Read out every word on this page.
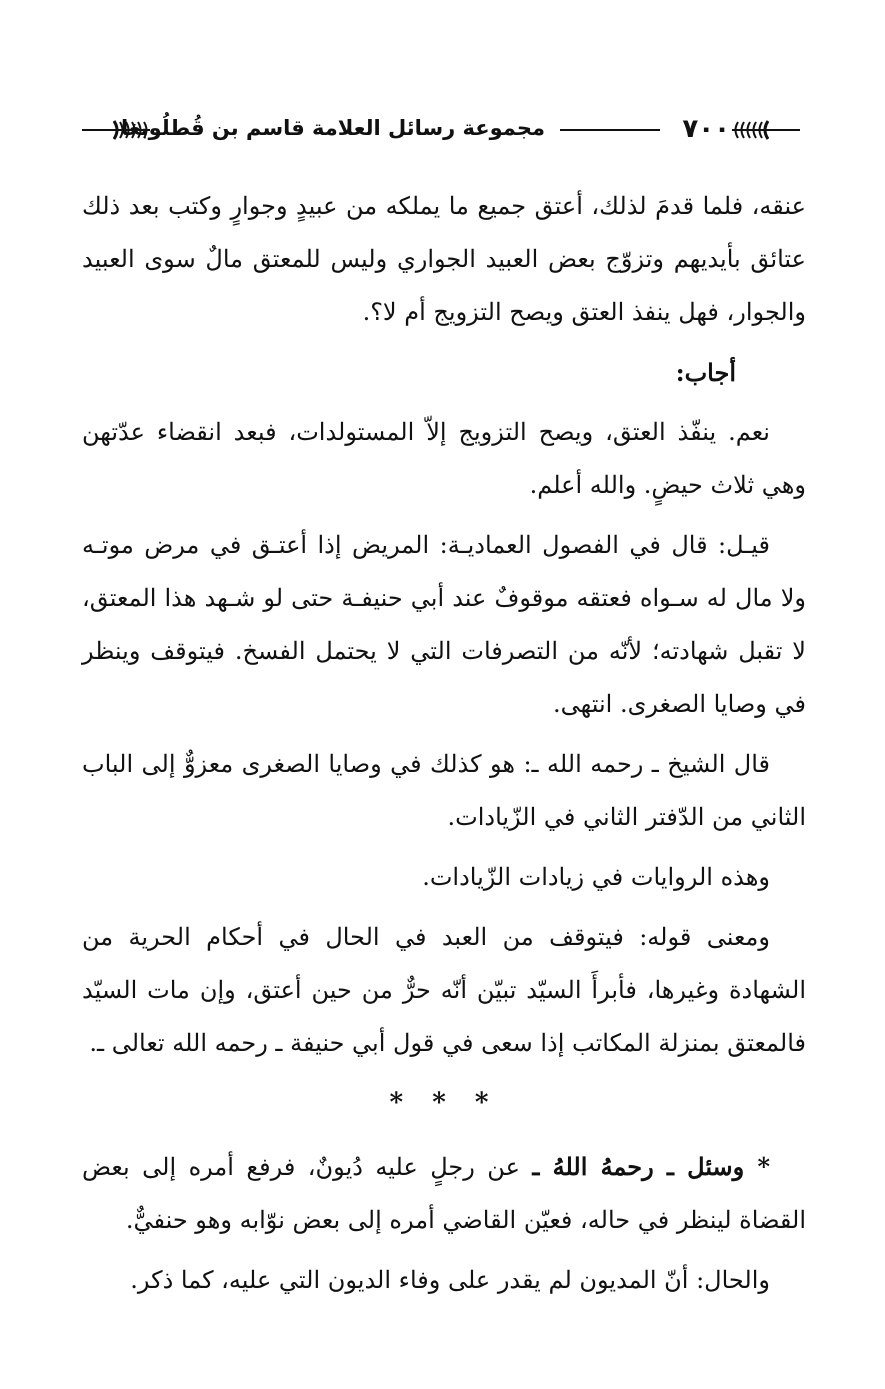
٧٠٠
مجموعة رسائل العلامة قاسم بن قُطلُوبغا

عنقه، فلما قدمَ لذلك، أعتق جميع ما يملكه من عبيدٍ وجوارٍ وكتب بعد ذلك عتائق بأيديهم وتزوّج بعض العبيد الجواري وليس للمعتق مالٌ سوى العبيد والجوار، فهل ينفذ العتق ويصح التزويج أم لا؟.

أجاب:

نعم. ينفّذ العتق، ويصح التزويج إلاّ المستولدات، فبعد انقضاء عدّتهن وهي ثلاث حيضٍ. والله أعلم.

قيـل: قال في الفصول العماديـة: المريض إذا أعتـق في مرض موتـه ولا مال له سـواه فعتقه موقوفٌ عند أبي حنيفـة حتى لو شـهد هذا المعتق، لا تقبل شهادته؛ لأنّه من التصرفات التي لا يحتمل الفسخ. فيتوقف وينظر في وصايا الصغرى. انتهى.

قال الشيخ ـ رحمه الله ـ: هو كذلك في وصايا الصغرى معزوٌّ إلى الباب الثاني من الدّفتر الثاني في الزّيادات.

وهذه الروايات في زيادات الزّيادات.

ومعنى قوله: فيتوقف من العبد في الحال في أحكام الحرية من الشهادة وغيرها، فأبرأَ السيّد تبيّن أنّه حرٌّ من حين أعتق، وإن مات السيّد فالمعتق بمنزلة المكاتب إذا سعى في قول أبي حنيفة ـ رحمه الله تعالى ـ.

* * *

* وسئل ـ رحمهُ اللهُ ـ عن رجلٍ عليه دُيونٌ، فرفع أمره إلى بعض القضاة لينظر في حاله، فعيّن القاضي أمره إلى بعض نوّابه وهو حنفيٌّ.

والحال: أنّ المديون لم يقدر على وفاء الديون التي عليه، كما ذكر.
